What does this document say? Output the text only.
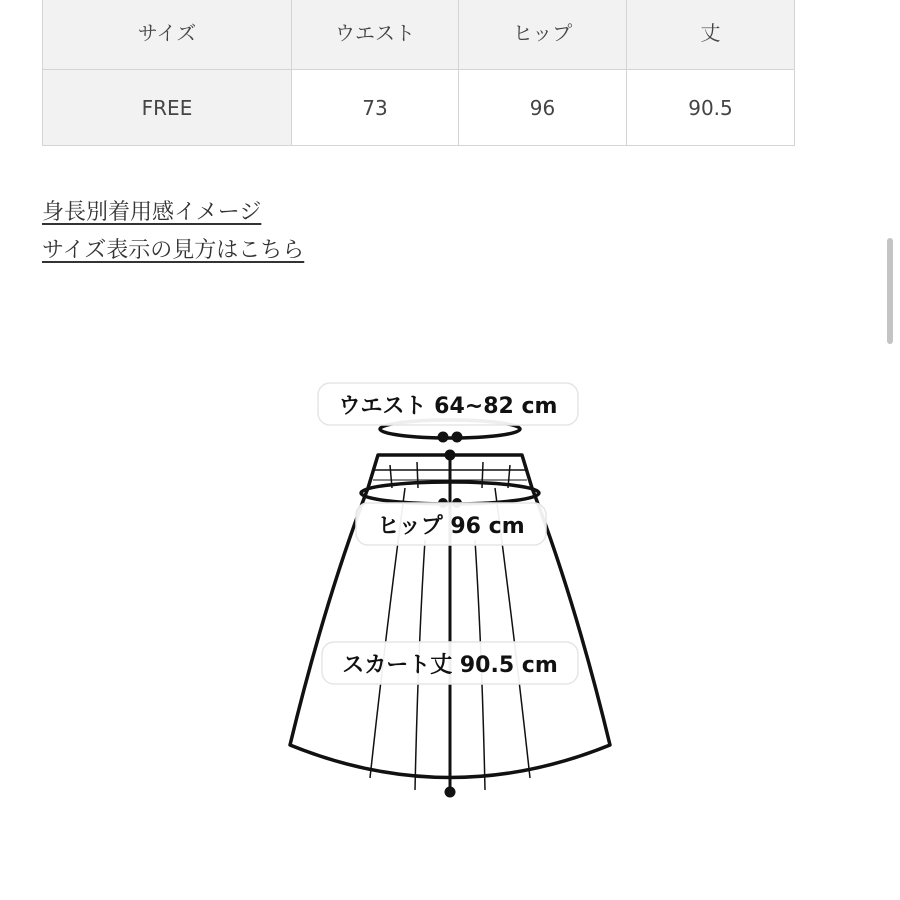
サイズ	ウエスト	ヒップ	丈
FREE	73	96	90.5
身長別着用感イメージ
サイズ表示の見方はこちら
ウエスト 64~82 cm
ヒップ 96 cm
スカート丈 90.5 cm
